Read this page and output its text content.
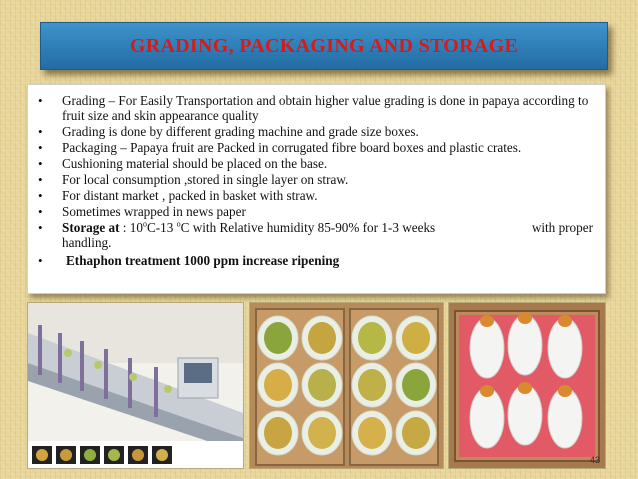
GRADING, PACKAGING AND STORAGE
• Grading – For Easily Transportation and obtain higher value grading is done in papaya according to fruit size and skin appearance quality
• Grading is done by different grading machine and grade size boxes.
• Packaging – Papaya fruit are Packed in corrugated fibre board boxes and plastic crates.
• Cushioning material should be placed on the base.
• For local consumption ,stored in single layer on straw.
• For distant market , packed in basket with straw.
• Sometimes wrapped in news paper
• Storage at : 10$^o$C-13 $^o$C with Relative humidity 85-90% for 1-3 weeks	with proper
handling.
• Ethaphon treatment 1000 ppm increase ripening
43
